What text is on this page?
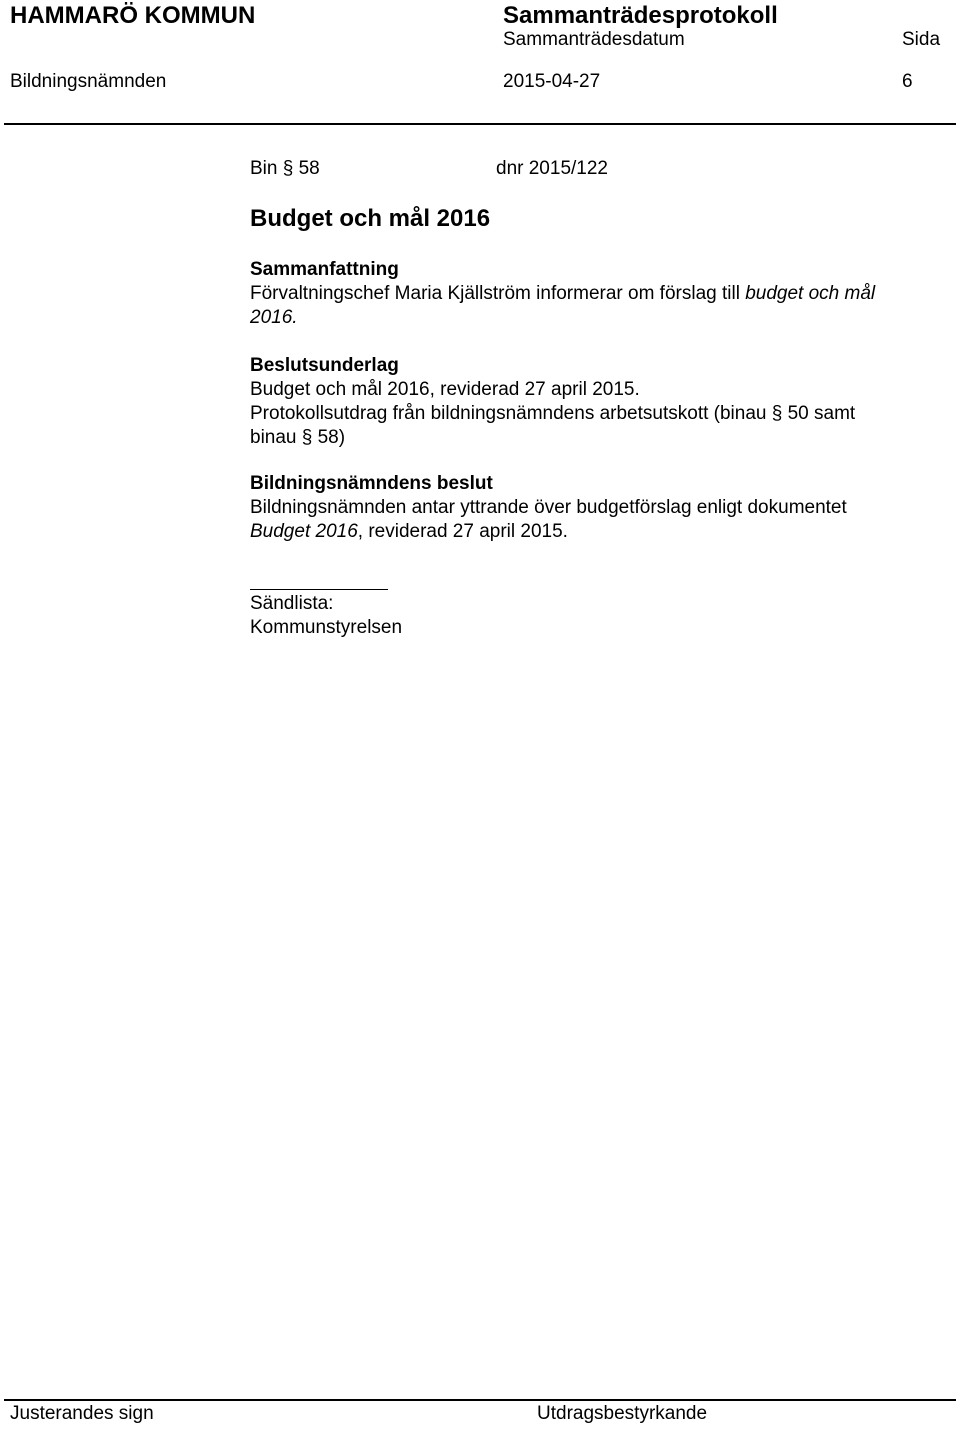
HAMMARÖ KOMMUN	Sammanträdesprotokoll
Sammanträdesdatum	Sida
Bildningsnämnden	2015-04-27	6
Bin § 58	dnr 2015/122
Budget och mål 2016
Sammanfattning

Förvaltningschef Maria Kjällström informerar om förslag till budget och mål 2016.

Beslutsunderlag

Budget och mål 2016, reviderad 27 april 2015.

Protokollsutdrag från bildningsnämndens arbetsutskott (binau § 50 samt binau § 58)

Bildningsnämndens beslut

Bildningsnämnden antar yttrande över budgetförslag enligt dokumentet Budget 2016, reviderad 27 april 2015.

Sändlista:
Kommunstyrelsen
Justerandes sign	Utdragsbestyrkande
